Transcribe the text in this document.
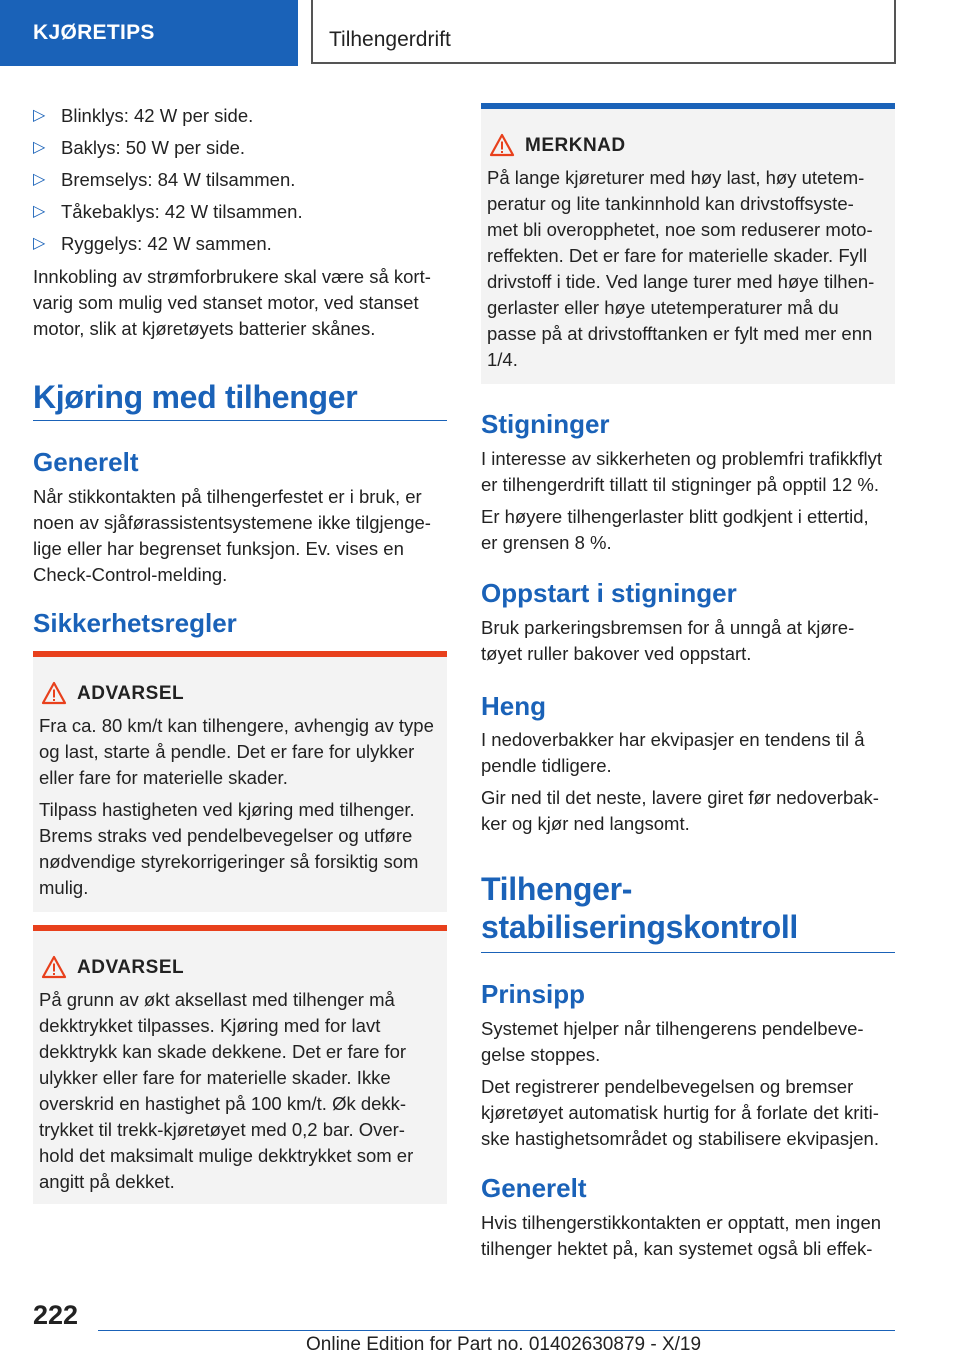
KJØRETIPS	Tilhengerdrift
▷ Blinklys: 42 W per side.
▷ Baklys: 50 W per side.
▷ Bremselys: 84 W tilsammen.
▷ Tåkebaklys: 42 W tilsammen.
▷ Ryggelys: 42 W sammen.

Innkobling av strømforbrukere skal være så kort‐

varig som mulig ved stanset motor, ved stanset

motor, slik at kjøretøyets batterier skånes.

Kjøring med tilhenger
Generelt

Når stikkontakten på tilhengerfestet er i bruk, er

noen av sjåførassistentsystemene ikke tilgjenge‐

lige eller har begrenset funksjon. Ev. vises en

Check-Control-melding.

Sikkerhetsregler
ADVARSEL

Fra ca. 80 km/t kan tilhengere, avhengig av type

og last, starte å pendle. Det er fare for ulykker

eller fare for materielle skader.

Tilpass hastigheten ved kjøring med tilhenger.

Brems straks ved pendelbevegelser og utføre

nødvendige styrekorrigeringer så forsiktig som

mulig.

ADVARSEL

På grunn av økt aksellast med tilhenger må

dekktrykket tilpasses. Kjøring med for lavt

dekktrykk kan skade dekkene. Det er fare for

ulykker eller fare for materielle skader. Ikke

overskrid en hastighet på 100 km/t. Øk dekk‐

trykket til trekk-kjøretøyet med 0,2 bar. Over‐

hold det maksimalt mulige dekktrykket som er

angitt på dekket.

MERKNAD

På lange kjøreturer med høy last, høy utetem‐

peratur og lite tankinnhold kan drivstoffsyste‐

met bli overopphetet, noe som reduserer moto‐

reffekten. Det er fare for materielle skader. Fyll

drivstoff i tide. Ved lange turer med høye tilhen‐

gerlaster eller høye utetemperaturer må du

passe på at drivstofftanken er fylt med mer enn

1/4.

Stigninger

I interesse av sikkerheten og problemfri trafikkflyt

er tilhengerdrift tillatt til stigninger på opptil 12 %.

Er høyere tilhengerlaster blitt godkjent i ettertid,

er grensen 8 %.

Oppstart i stigninger

Bruk parkeringsbremsen for å unngå at kjøre‐

tøyet ruller bakover ved oppstart.

Heng

I nedoverbakker har ekvipasjer en tendens til å

pendle tidligere.

Gir ned til det neste, lavere giret før nedoverbak‐

ker og kjør ned langsomt.

Tilhenger‐
stabiliseringskontroll
Prinsipp

Systemet hjelper når tilhengerens pendelbeve‐

gelse stoppes.

Det registrerer pendelbevegelsen og bremser

kjøretøyet automatisk hurtig for å forlate det kriti‐

ske hastighetsområdet og stabilisere ekvipasjen.

Generelt

Hvis tilhengerstikkontakten er opptatt, men ingen

tilhenger hektet på, kan systemet også bli effek‐

222
Online Edition for Part no. 01402630879 - X/19
